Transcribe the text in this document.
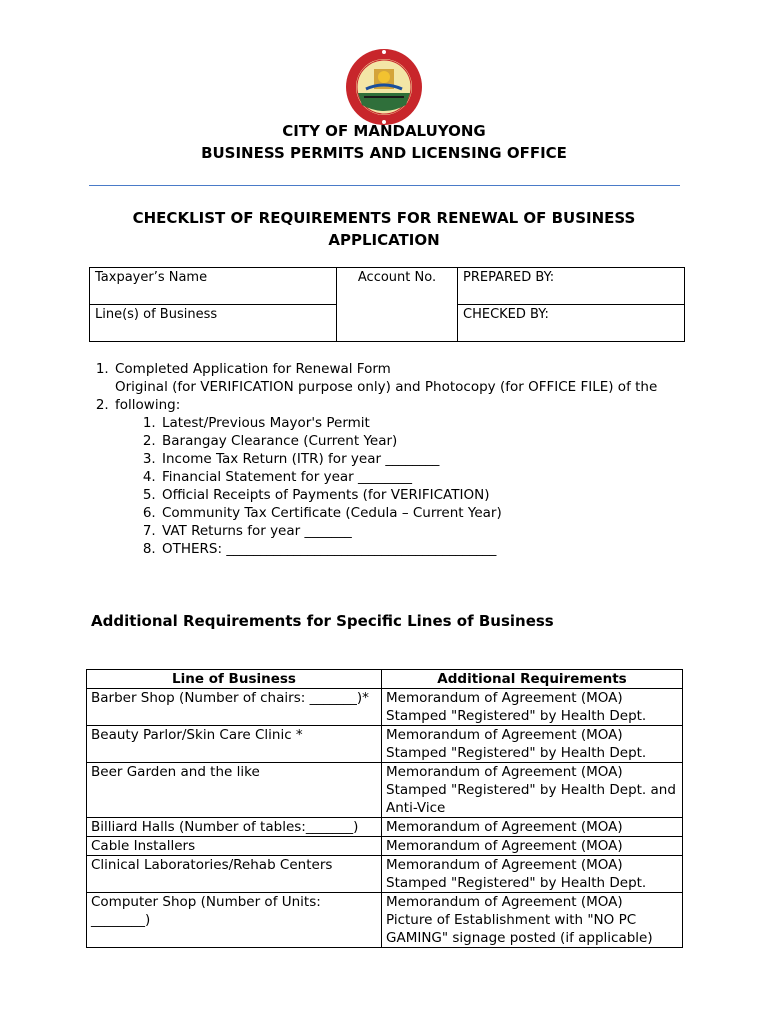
CITY OF MANDALUYONG
BUSINESS PERMITS AND LICENSING OFFICE
CHECKLIST OF REQUIREMENTS FOR RENEWAL OF BUSINESS
APPLICATION
Taxpayer’s Name	Account No.	PREPARED BY:
Line(s) of Business		CHECKED BY:
1. Completed Application for Renewal Form
2. Original (for VERIFICATION purpose only) and Photocopy (for OFFICE FILE) of the following:
1. Latest/Previous Mayor's Permit
2. Barangay Clearance (Current Year)
3. Income Tax Return (ITR) for year ________
4. Financial Statement for year ________
5. Official Receipts of Payments (for VERIFICATION)
6. Community Tax Certificate (Cedula – Current Year)
7. VAT Returns for year _______
8. OTHERS: ________________________________________
Additional Requirements for Specific Lines of Business
Line of Business	Additional Requirements
Barber Shop (Number of chairs: _______)*	Memorandum of Agreement (MOA)
Stamped "Registered" by Health Dept.
Beauty Parlor/Skin Care Clinic *	Memorandum of Agreement (MOA)
Stamped "Registered" by Health Dept.
Beer Garden and the like	Memorandum of Agreement (MOA)
Stamped "Registered" by Health Dept. and Anti-Vice
Billiard Halls (Number of tables:_______)	Memorandum of Agreement (MOA)
Cable Installers	Memorandum of Agreement (MOA)
Clinical Laboratories/Rehab Centers	Memorandum of Agreement (MOA)
Stamped "Registered" by Health Dept.
Computer Shop (Number of Units: ________)	Memorandum of Agreement (MOA)
Picture of Establishment with "NO PC GAMING" signage posted (if applicable)
